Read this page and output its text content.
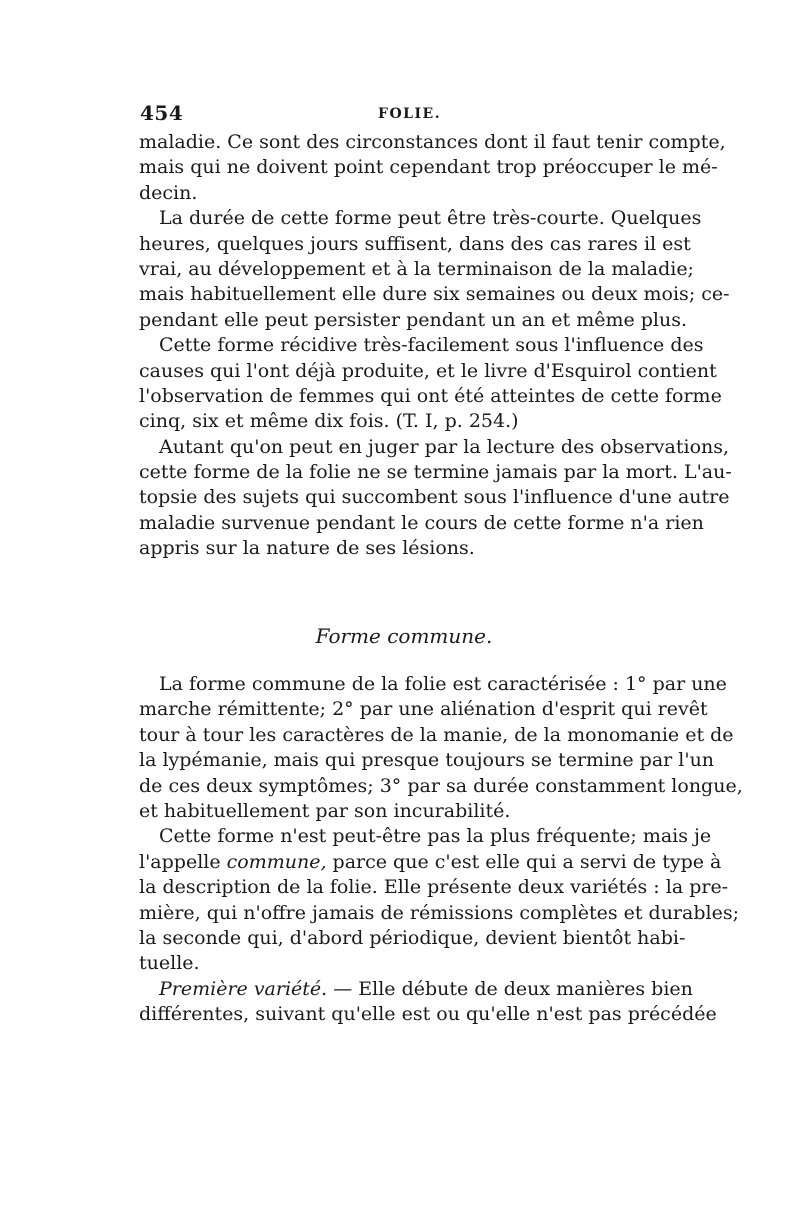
454	FOLIE.
maladie. Ce sont des circonstances dont il faut tenir compte,
mais qui ne doivent point cependant trop préoccuper le mé-
decin.
La durée de cette forme peut être très-courte. Quelques
heures, quelques jours suffisent, dans des cas rares il est
vrai, au développement et à la terminaison de la maladie;
mais habituellement elle dure six semaines ou deux mois; ce-
pendant elle peut persister pendant un an et même plus.
Cette forme récidive très-facilement sous l'influence des
causes qui l'ont déjà produite, et le livre d'Esquirol contient
l'observation de femmes qui ont été atteintes de cette forme
cinq, six et même dix fois. (T. I, p. 254.)
Autant qu'on peut en juger par la lecture des observations,
cette forme de la folie ne se termine jamais par la mort. L'au-
topsie des sujets qui succombent sous l'influence d'une autre
maladie survenue pendant le cours de cette forme n'a rien
appris sur la nature de ses lésions.
Forme commune.
La forme commune de la folie est caractérisée : 1° par une
marche rémittente; 2° par une aliénation d'esprit qui revêt
tour à tour les caractères de la manie, de la monomanie et de
la lypémanie, mais qui presque toujours se termine par l'un
de ces deux symptômes; 3° par sa durée constamment longue,
et habituellement par son incurabilité.
Cette forme n'est peut-être pas la plus fréquente; mais je
l'appelle commune, parce que c'est elle qui a servi de type à
la description de la folie. Elle présente deux variétés : la pre-
mière, qui n'offre jamais de rémissions complètes et durables;
la seconde qui, d'abord périodique, devient bientôt habi-
tuelle.
Première variété. — Elle débute de deux manières bien
différentes, suivant qu'elle est ou qu'elle n'est pas précédée
